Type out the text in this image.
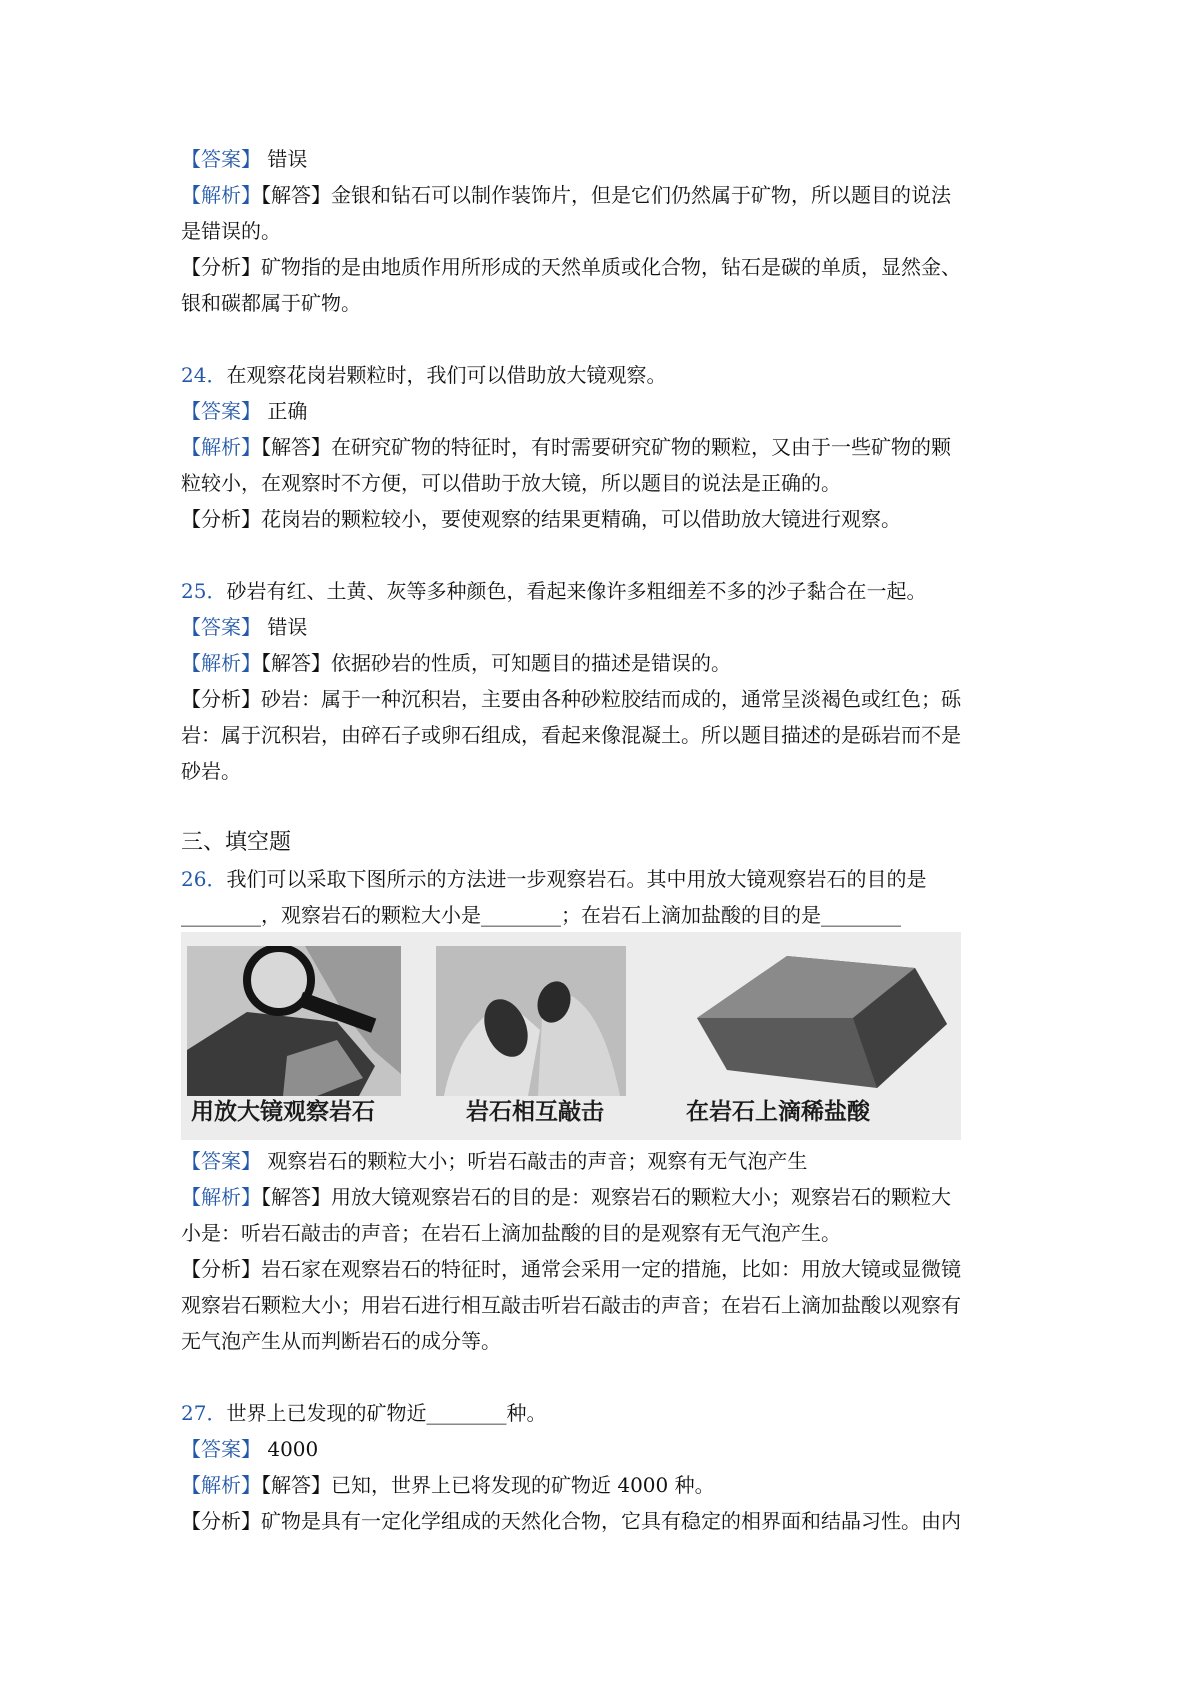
【答案】 错误
【解析】【解答】金银和钻石可以制作装饰片，但是它们仍然属于矿物，所以题目的说法
是错误的。
【分析】矿物指的是由地质作用所形成的天然单质或化合物，钻石是碳的单质，显然金、
银和碳都属于矿物。
24．在观察花岗岩颗粒时，我们可以借助放大镜观察。
【答案】 正确
【解析】【解答】在研究矿物的特征时，有时需要研究矿物的颗粒，又由于一些矿物的颗
粒较小，在观察时不方便，可以借助于放大镜，所以题目的说法是正确的。
【分析】花岗岩的颗粒较小，要使观察的结果更精确，可以借助放大镜进行观察。
25．砂岩有红、土黄、灰等多种颜色，看起来像许多粗细差不多的沙子黏合在一起。
【答案】 错误
【解析】【解答】依据砂岩的性质，可知题目的描述是错误的。
【分析】砂岩：属于一种沉积岩，主要由各种砂粒胶结而成的，通常呈淡褐色或红色；砾
岩：属于沉积岩，由碎石子或卵石组成，看起来像混凝土。所以题目描述的是砾岩而不是
砂岩。
三、填空题
26．我们可以采取下图所示的方法进一步观察岩石。其中用放大镜观察岩石的目的是
________，观察岩石的颗粒大小是________；在岩石上滴加盐酸的目的是________
用放大镜观察岩石	岩石相互敲击	在岩石上滴稀盐酸
【答案】 观察岩石的颗粒大小；听岩石敲击的声音；观察有无气泡产生
【解析】【解答】用放大镜观察岩石的目的是：观察岩石的颗粒大小；观察岩石的颗粒大
小是：听岩石敲击的声音；在岩石上滴加盐酸的目的是观察有无气泡产生。
【分析】岩石家在观察岩石的特征时，通常会采用一定的措施，比如：用放大镜或显微镜
观察岩石颗粒大小；用岩石进行相互敲击听岩石敲击的声音；在岩石上滴加盐酸以观察有
无气泡产生从而判断岩石的成分等。
27．世界上已发现的矿物近________种。
【答案】 4000
【解析】【解答】已知，世界上已将发现的矿物近 4000 种。
【分析】矿物是具有一定化学组成的天然化合物，它具有稳定的相界面和结晶习性。由内
